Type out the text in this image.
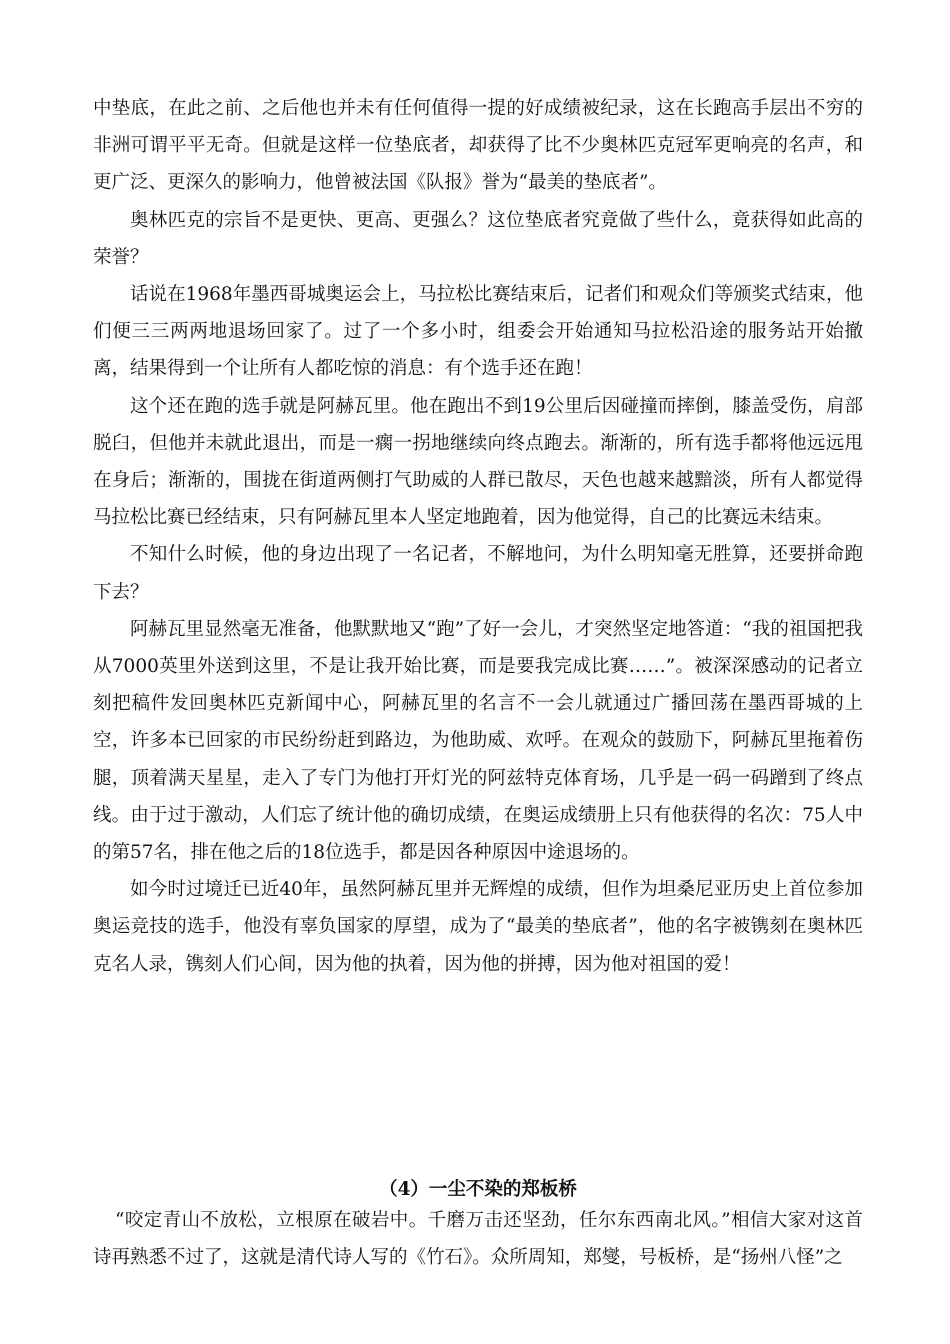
中垫底，在此之前、之后他也并未有任何值得一提的好成绩被纪录，这在长跑高手层出不穷的非洲可谓平平无奇。但就是这样一位垫底者，却获得了比不少奥林匹克冠军更响亮的名声，和更广泛、更深久的影响力，他曾被法国《队报》誉为“最美的垫底者”。

奥林匹克的宗旨不是更快、更高、更强么？这位垫底者究竟做了些什么，竟获得如此高的荣誉？

话说在1968年墨西哥城奥运会上，马拉松比赛结束后，记者们和观众们等颁奖式结束，他们便三三两两地退场回家了。过了一个多小时，组委会开始通知马拉松沿途的服务站开始撤离，结果得到一个让所有人都吃惊的消息：有个选手还在跑！

这个还在跑的选手就是阿赫瓦里。他在跑出不到19公里后因碰撞而摔倒，膝盖受伤，肩部脱臼，但他并未就此退出，而是一瘸一拐地继续向终点跑去。渐渐的，所有选手都将他远远甩在身后；渐渐的，围拢在街道两侧打气助威的人群已散尽，天色也越来越黯淡，所有人都觉得马拉松比赛已经结束，只有阿赫瓦里本人坚定地跑着，因为他觉得，自己的比赛远未结束。

不知什么时候，他的身边出现了一名记者，不解地问，为什么明知毫无胜算，还要拼命跑下去？

阿赫瓦里显然毫无准备，他默默地又“跑”了好一会儿，才突然坚定地答道：“我的祖国把我从7000英里外送到这里，不是让我开始比赛，而是要我完成比赛……”。被深深感动的记者立刻把稿件发回奥林匹克新闻中心，阿赫瓦里的名言不一会儿就通过广播回荡在墨西哥城的上空，许多本已回家的市民纷纷赶到路边，为他助威、欢呼。在观众的鼓励下，阿赫瓦里拖着伤腿，顶着满天星星，走入了专门为他打开灯光的阿兹特克体育场，几乎是一码一码蹭到了终点线。由于过于激动，人们忘了统计他的确切成绩，在奥运成绩册上只有他获得的名次：75人中的第57名，排在他之后的18位选手，都是因各种原因中途退场的。

如今时过境迁已近40年，虽然阿赫瓦里并无辉煌的成绩，但作为坦桑尼亚历史上首位参加奥运竞技的选手，他没有辜负国家的厚望，成为了“最美的垫底者”，他的名字被镌刻在奥林匹克名人录，镌刻人们心间，因为他的执着，因为他的拼搏，因为他对祖国的爱！

（4）一尘不染的郑板桥

“咬定青山不放松，立根原在破岩中。千磨万击还坚劲，任尔东西南北风。”相信大家对这首诗再熟悉不过了，这就是清代诗人写的《竹石》。众所周知，郑燮，号板桥，是“扬州八怪”之
